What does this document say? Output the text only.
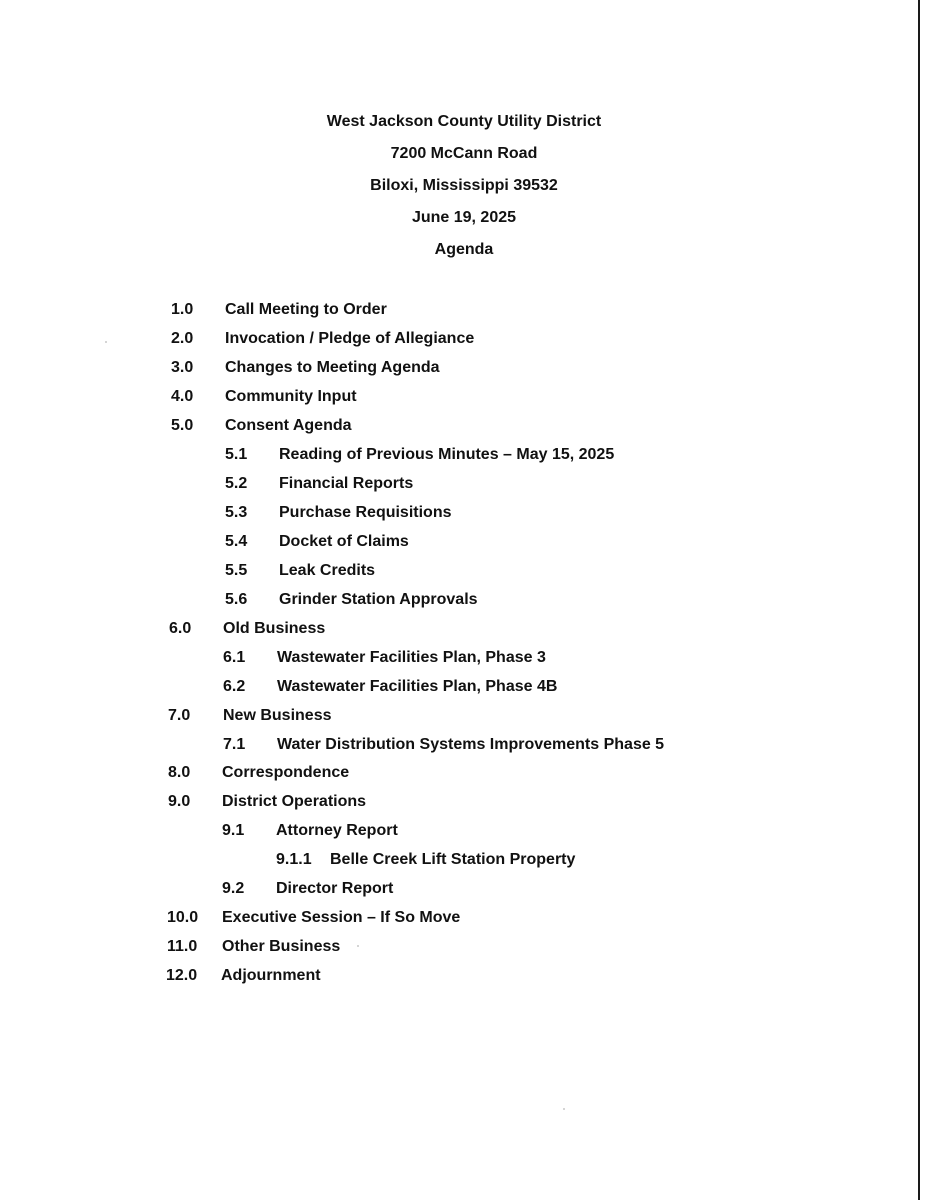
West Jackson County Utility District
7200 McCann Road
Biloxi, Mississippi 39532
June 19, 2025
Agenda
1.0 Call Meeting to Order
2.0 Invocation / Pledge of Allegiance
3.0 Changes to Meeting Agenda
4.0 Community Input
5.0 Consent Agenda
5.1 Reading of Previous Minutes – May 15, 2025
5.2 Financial Reports
5.3 Purchase Requisitions
5.4 Docket of Claims
5.5 Leak Credits
5.6 Grinder Station Approvals
6.0 Old Business
6.1 Wastewater Facilities Plan, Phase 3
6.2 Wastewater Facilities Plan, Phase 4B
7.0 New Business
7.1 Water Distribution Systems Improvements Phase 5
8.0 Correspondence
9.0 District Operations
9.1 Attorney Report
9.1.1 Belle Creek Lift Station Property
9.2 Director Report
10.0 Executive Session – If So Move
11.0 Other Business
12.0 Adjournment
